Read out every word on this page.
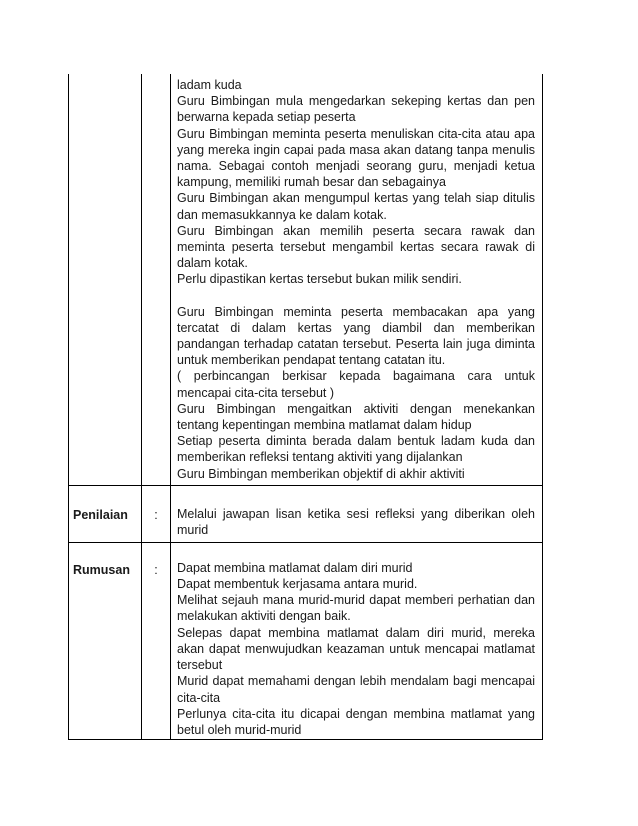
ladam kuda
Guru Bimbingan mula mengedarkan sekeping kertas dan pen
berwarna kepada setiap peserta
Guru Bimbingan meminta peserta menuliskan cita-cita atau apa
yang mereka ingin capai pada masa akan datang tanpa menulis
nama. Sebagai contoh menjadi seorang guru, menjadi ketua
kampung, memiliki rumah besar dan sebagainya
Guru Bimbingan akan mengumpul kertas yang telah siap ditulis
dan memasukkannya ke dalam kotak.
Guru Bimbingan akan memilih peserta secara rawak dan
meminta peserta tersebut mengambil kertas secara rawak di
dalam kotak.
Perlu dipastikan kertas tersebut bukan milik sendiri.
Guru Bimbingan meminta peserta membacakan apa yang
tercatat di dalam kertas yang diambil dan memberikan
pandangan terhadap catatan tersebut. Peserta lain juga diminta
untuk memberikan pendapat tentang catatan itu.
( perbincangan berkisar kepada bagaimana cara untuk
mencapai cita-cita tersebut )
Guru Bimbingan mengaitkan aktiviti dengan menekankan
tentang kepentingan membina matlamat dalam hidup
Setiap peserta diminta berada dalam bentuk ladam kuda dan
memberikan refleksi tentang aktiviti yang dijalankan
Guru Bimbingan memberikan objektif di akhir aktiviti
Penilaian	:	Melalui jawapan lisan ketika sesi refleksi yang diberikan oleh
murid
Rumusan	:	Dapat membina matlamat dalam diri murid
Dapat membentuk kerjasama antara murid.
Melihat sejauh mana murid-murid dapat memberi perhatian dan
melakukan aktiviti dengan baik.
Selepas dapat membina matlamat dalam diri murid, mereka
akan dapat menwujudkan keazaman untuk mencapai matlamat
tersebut
Murid dapat memahami dengan lebih mendalam bagi mencapai
cita-cita
Perlunya cita-cita itu dicapai dengan membina matlamat yang
betul oleh murid-murid
